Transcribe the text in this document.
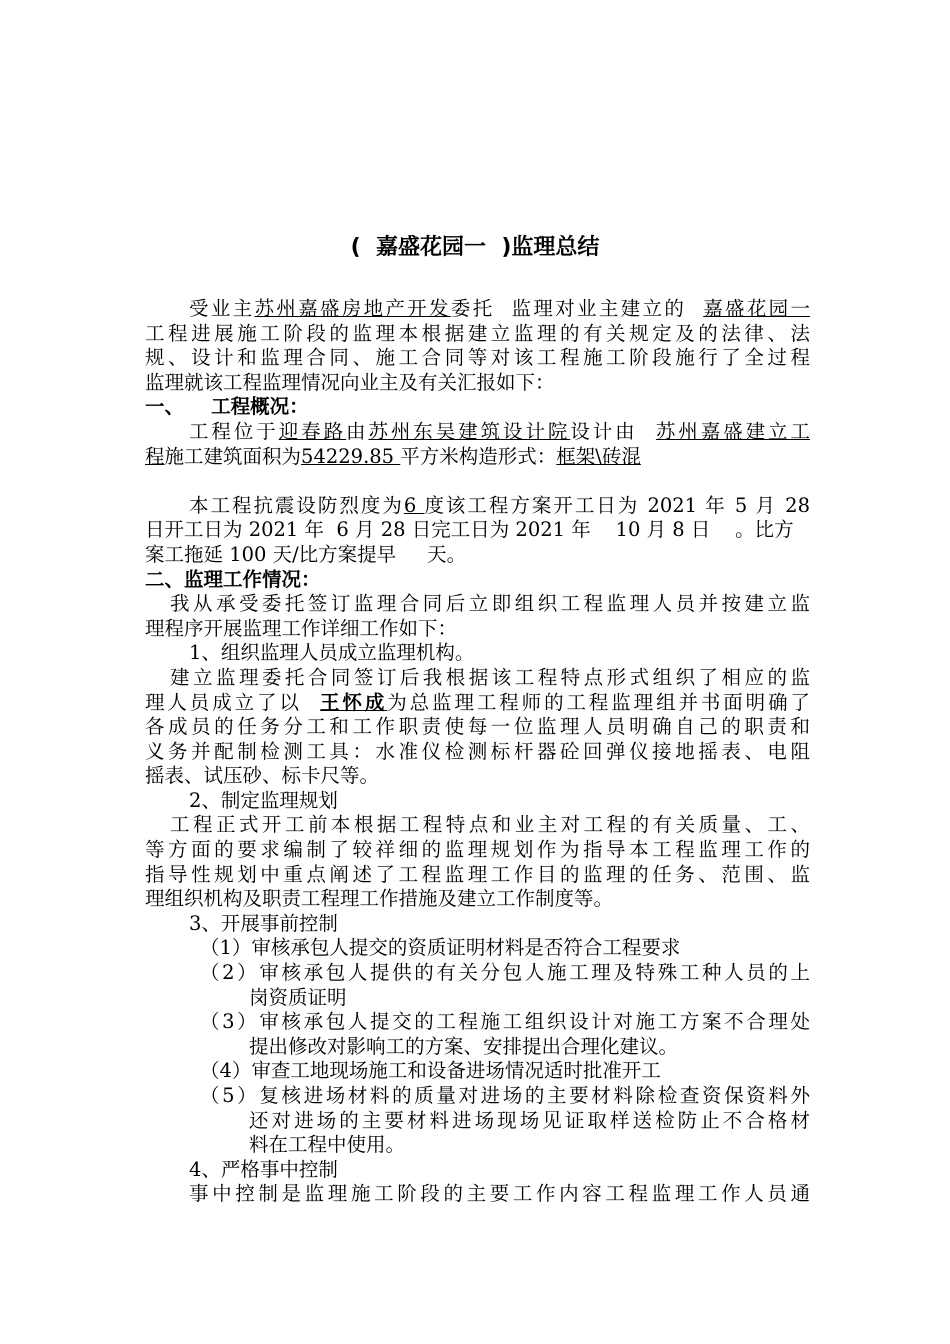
(  嘉盛花园一  )监理总结
受业主苏州嘉盛房地产开发委托  监理对业主建立的  嘉盛花园一
工程进展施工阶段的监理本根据建立监理的有关规定及的法律、法
规、设计和监理合同、施工合同等对该工程施工阶段施行了全过程
监理就该工程监理情况向业主及有关汇报如下：
一、 工程概况：
工程位于迎春路由苏州东吴建筑设计院设计由  苏州嘉盛建立工
程施工建筑面积为54229.85 平方米构造形式：框架\砖混
本工程抗震设防烈度为6 度该工程方案开工日为 2021 年 5 月 28
日开工日为 2021 年  6 月 28 日完工日为 2021 年    10 月 8 日    。比方
案工拖延 100 天/比方案提早     天。
二、监理工作情况：
我从承受委托签订监理合同后立即组织工程监理人员并按建立监
理程序开展监理工作详细工作如下：
1、组织监理人员成立监理机构。
建立监理委托合同签订后我根据该工程特点形式组织了相应的监
理人员成立了以  王怀成为总监理工程师的工程监理组并书面明确了
各成员的任务分工和工作职责使每一位监理人员明确自己的职责和
义务并配制检测工具：水准仪检测标杆器砼回弹仪接地摇表、电阻
摇表、试压砂、标卡尺等。
2、制定监理规划
工程正式开工前本根据工程特点和业主对工程的有关质量、工、
等方面的要求编制了较祥细的监理规划作为指导本工程监理工作的
指导性规划中重点阐述了工程监理工作目的监理的任务、范围、监
理组织机构及职责工程理工作措施及建立工作制度等。
3、开展事前控制
（1）审核承包人提交的资质证明材料是否符合工程要求
（2）审核承包人提供的有关分包人施工理及特殊工种人员的上
岗资质证明
（3）审核承包人提交的工程施工组织设计对施工方案不合理处
提出修改对影响工的方案、安排提出合理化建议。
（4）审查工地现场施工和设备进场情况适时批准开工
（5）复核进场材料的质量对进场的主要材料除检查资保资料外
还对进场的主要材料进场现场见证取样送检防止不合格材
料在工程中使用。
4、严格事中控制
事中控制是监理施工阶段的主要工作内容工程监理工作人员通
